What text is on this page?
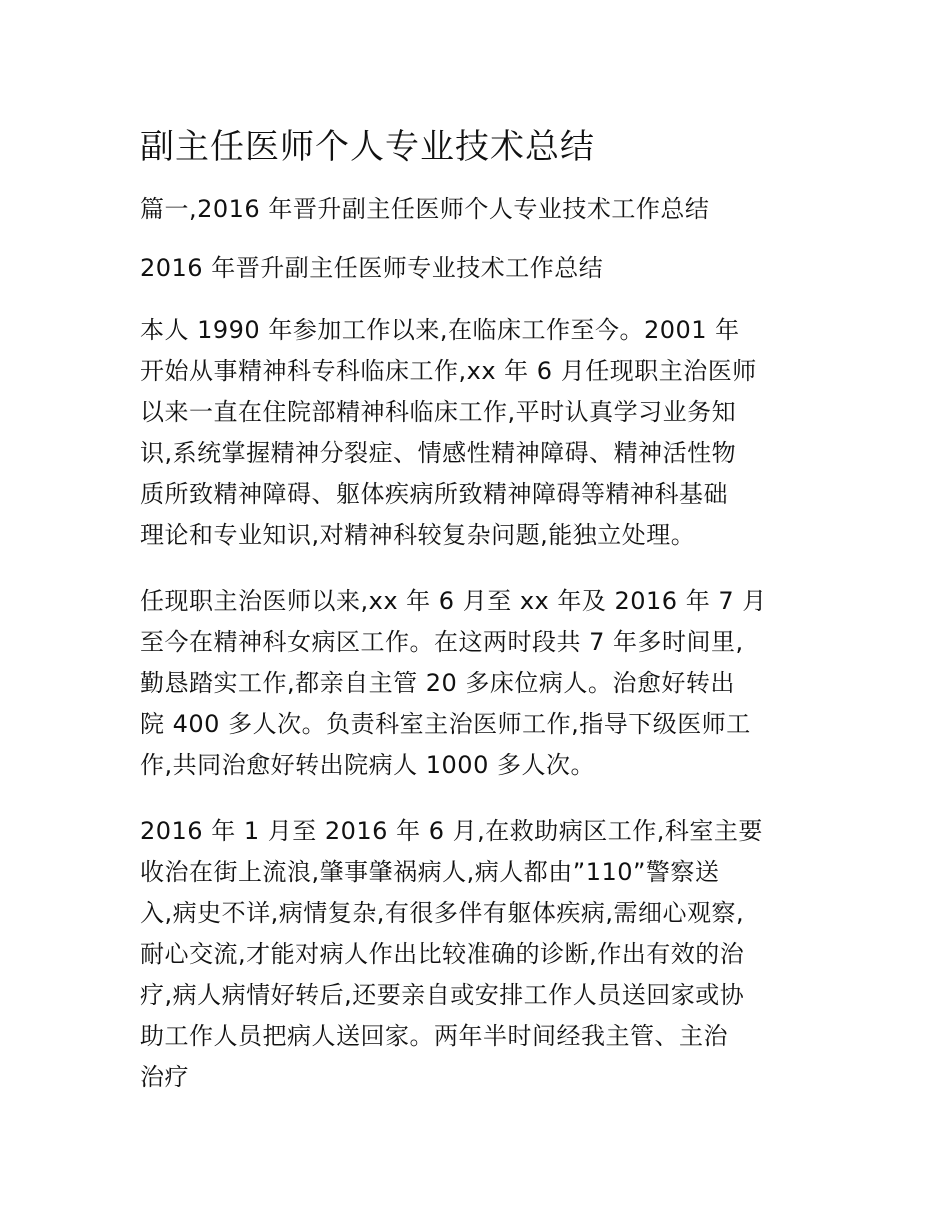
副主任医师个人专业技术总结
篇一,2016 年晋升副主任医师个人专业技术工作总结
2016 年晋升副主任医师专业技术工作总结
本人 1990 年参加工作以来,在临床工作至今。2001 年
开始从事精神科专科临床工作,xx 年 6 月任现职主治医师
以来一直在住院部精神科临床工作,平时认真学习业务知
识,系统掌握精神分裂症、情感性精神障碍、精神活性物
质所致精神障碍、躯体疾病所致精神障碍等精神科基础
理论和专业知识,对精神科较复杂问题,能独立处理。
任现职主治医师以来,xx 年 6 月至 xx 年及 2016 年 7 月
至今在精神科女病区工作。在这两时段共 7 年多时间里,
勤恳踏实工作,都亲自主管 20 多床位病人。治愈好转出
院 400 多人次。负责科室主治医师工作,指导下级医师工
作,共同治愈好转出院病人 1000 多人次。
2016 年 1 月至 2016 年 6 月,在救助病区工作,科室主要
收治在街上流浪,肇事肇祸病人,病人都由”110”警察送
入,病史不详,病情复杂,有很多伴有躯体疾病,需细心观察,
耐心交流,才能对病人作出比较准确的诊断,作出有效的治
疗,病人病情好转后,还要亲自或安排工作人员送回家或协
助工作人员把病人送回家。两年半时间经我主管、主治
治疗
